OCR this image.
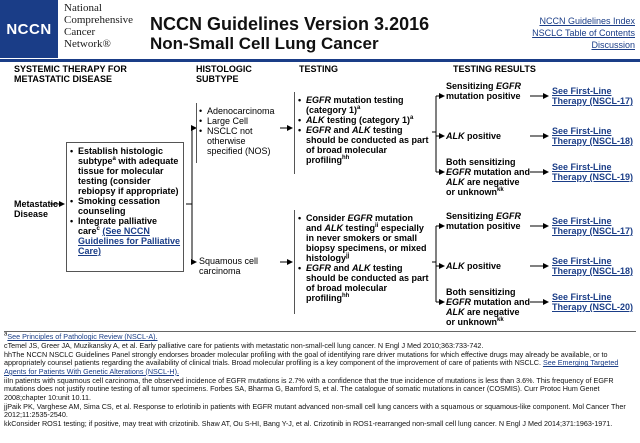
NCCN
National
Comprehensive
Cancer
Network®
NCCN Guidelines Version 3.2016
Non-Small Cell Lung Cancer
NCCN Guidelines Index
NSCLC Table of Contents
Discussion
SYSTEMIC THERAPY FOR METASTATIC DISEASE
HISTOLOGIC SUBTYPE
TESTING	TESTING RESULTS
Metastatic Disease
• Establish histologic subtype$^a$ with adequate tissue for molecular testing (consider rebiopsy if appropriate)
• Smoking cessation counseling
• Integrate palliative care$^c$ (See NCCN Guidelines for Palliative Care)
• Adenocarcinoma
• Large Cell
• NSCLC not otherwise specified (NOS)
Squamous cell carcinoma
• EGFR mutation testing (category 1)$^a$
• ALK testing (category 1)$^a$
• EGFR and ALK testing should be conducted as part of broad molecular profiling$^{hh}$
• Consider EGFR mutation and ALK testing$^{ii}$ especially in never smokers or small biopsy specimens, or mixed histology$^{jj}$
• EGFR and ALK testing should be conducted as part of broad molecular profiling$^{hh}$
Sensitizing EGFR mutation positive
ALK positive
Both sensitizing EGFR mutation and ALK are negative or unknown$^{kk}$
Sensitizing EGFR mutation positive
ALK positive
Both sensitizing EGFR mutation and ALK are negative or unknown$^{kk}$
See First-Line Therapy (NSCL-17)
See First-Line Therapy (NSCL-18)
See First-Line Therapy (NSCL-19)
See First-Line Therapy (NSCL-17)
See First-Line Therapy (NSCL-18)
See First-Line Therapy (NSCL-20)
$^a$See Principles of Pathologic Review (NSCL-A).
cTemel JS, Greer JA, Muzikansky A, et al. Early palliative care for patients with metastatic non-small-cell lung cancer. N Engl J Med 2010;363:733-742.
hhThe NCCN NSCLC Guidelines Panel strongly endorses broader molecular profiling with the goal of identifying rare driver mutations for which effective drugs may already be available, or to appropriately counsel patients regarding the availability of clinical trials. Broad molecular profiling is a key component of the improvement of care of patients with NSCLC. See Emerging Targeted Agents for Patients With Genetic Alterations (NSCL-H).
iiIn patients with squamous cell carcinoma, the observed incidence of EGFR mutations is 2.7% with a confidence that the true incidence of mutations is less than 3.6%. This frequency of EGFR mutations does not justify routine testing of all tumor specimens. Forbes SA, Bharma G, Bamford S, et al. The catalogue of somatic mutations in cancer (COSMIS). Curr Protoc Hum Genet 2008;chapter 10:unit 10.11.
jjPaik PK, Varghese AM, Sima CS, et al. Response to erlotinib in patients with EGFR mutant advanced non-small cell lung cancers with a squamous or squamous-like component. Mol Cancer Ther 2012;11:2535-2540.
kkConsider ROS1 testing; if positive, may treat with crizotinib. Shaw AT, Ou S-HI, Bang Y-J, et al. Crizotinib in ROS1-rearranged non-small cell lung cancer. N Engl J Med 2014;371:1963-1971.
